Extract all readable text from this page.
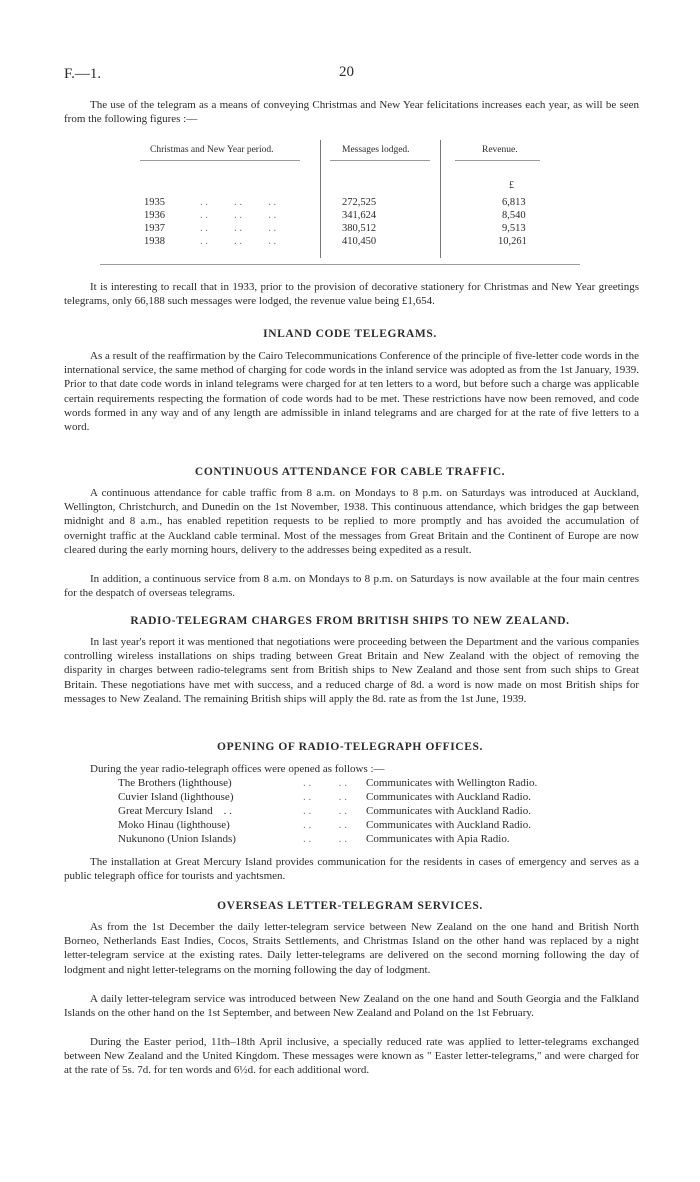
F.—1.	20

The use of the telegram as a means of conveying Christmas and New Year felicitations increases each year, as will be seen from the following figures :—

Christmas and New Year period.	Messages lodged.	Revenue.
£
1935	. .          . .          . .	272,525	6,813
1936	. .          . .          . .	341,624	8,540
1937	. .          . .          . .	380,512	9,513
1938	. .          . .          . .	410,450	10,261

It is interesting to recall that in 1933, prior to the provision of decorative stationery for Christmas and New Year greetings telegrams, only 66,188 such messages were lodged, the revenue value being £1,654.

INLAND CODE TELEGRAMS.

As a result of the reaffirmation by the Cairo Telecommunications Conference of the principle of five-letter code words in the international service, the same method of charging for code words in the inland service was adopted as from the 1st January, 1939. Prior to that date code words in inland telegrams were charged for at ten letters to a word, but before such a charge was applicable certain requirements respecting the formation of code words had to be met. These restrictions have now been removed, and code words formed in any way and of any length are admissible in inland telegrams and are charged for at the rate of five letters to a word.

CONTINUOUS ATTENDANCE FOR CABLE TRAFFIC.

A continuous attendance for cable traffic from 8 a.m. on Mondays to 8 p.m. on Saturdays was introduced at Auckland, Wellington, Christchurch, and Dunedin on the 1st November, 1938. This continuous attendance, which bridges the gap between midnight and 8 a.m., has enabled repetition requests to be replied to more promptly and has avoided the accumulation of overnight traffic at the Auckland cable terminal. Most of the messages from Great Britain and the Continent of Europe are now cleared during the early morning hours, delivery to the addresses being expedited as a result.

In addition, a continuous service from 8 a.m. on Mondays to 8 p.m. on Saturdays is now available at the four main centres for the despatch of overseas telegrams.

RADIO-TELEGRAM CHARGES FROM BRITISH SHIPS TO NEW ZEALAND.

In last year's report it was mentioned that negotiations were proceeding between the Department and the various companies controlling wireless installations on ships trading between Great Britain and New Zealand with the object of removing the disparity in charges between radio-telegrams sent from British ships to New Zealand and those sent from such ships to Great Britain. These negotiations have met with success, and a reduced charge of 8d. a word is now made on most British ships for messages to New Zealand. The remaining British ships will apply the 8d. rate as from the 1st June, 1939.

OPENING OF RADIO-TELEGRAPH OFFICES.

During the year radio-telegraph offices were opened as follows :—

The Brothers (lighthouse)	. .          . . Communicates with Wellington Radio.
Cuvier Island (lighthouse)	. .          . . Communicates with Auckland Radio.
Great Mercury Island    . .	. .          . . Communicates with Auckland Radio.
Moko Hinau (lighthouse)	. .          . . Communicates with Auckland Radio.
Nukunono (Union Islands)	. .          . . Communicates with Apia Radio.

The installation at Great Mercury Island provides communication for the residents in cases of emergency and serves as a public telegraph office for tourists and yachtsmen.

OVERSEAS LETTER-TELEGRAM SERVICES.

As from the 1st December the daily letter-telegram service between New Zealand on the one hand and British North Borneo, Netherlands East Indies, Cocos, Straits Settlements, and Christmas Island on the other hand was replaced by a night letter-telegram service at the existing rates. Daily letter-telegrams are delivered on the second morning following the day of lodgment and night letter-telegrams on the morning following the day of lodgment.

A daily letter-telegram service was introduced between New Zealand on the one hand and South Georgia and the Falkland Islands on the other hand on the 1st September, and between New Zealand and Poland on the 1st February.

During the Easter period, 11th–18th April inclusive, a specially reduced rate was applied to letter-telegrams exchanged between New Zealand and the United Kingdom. These messages were known as " Easter letter-telegrams," and were charged for at the rate of 5s. 7d. for ten words and 6½d. for each additional word.
